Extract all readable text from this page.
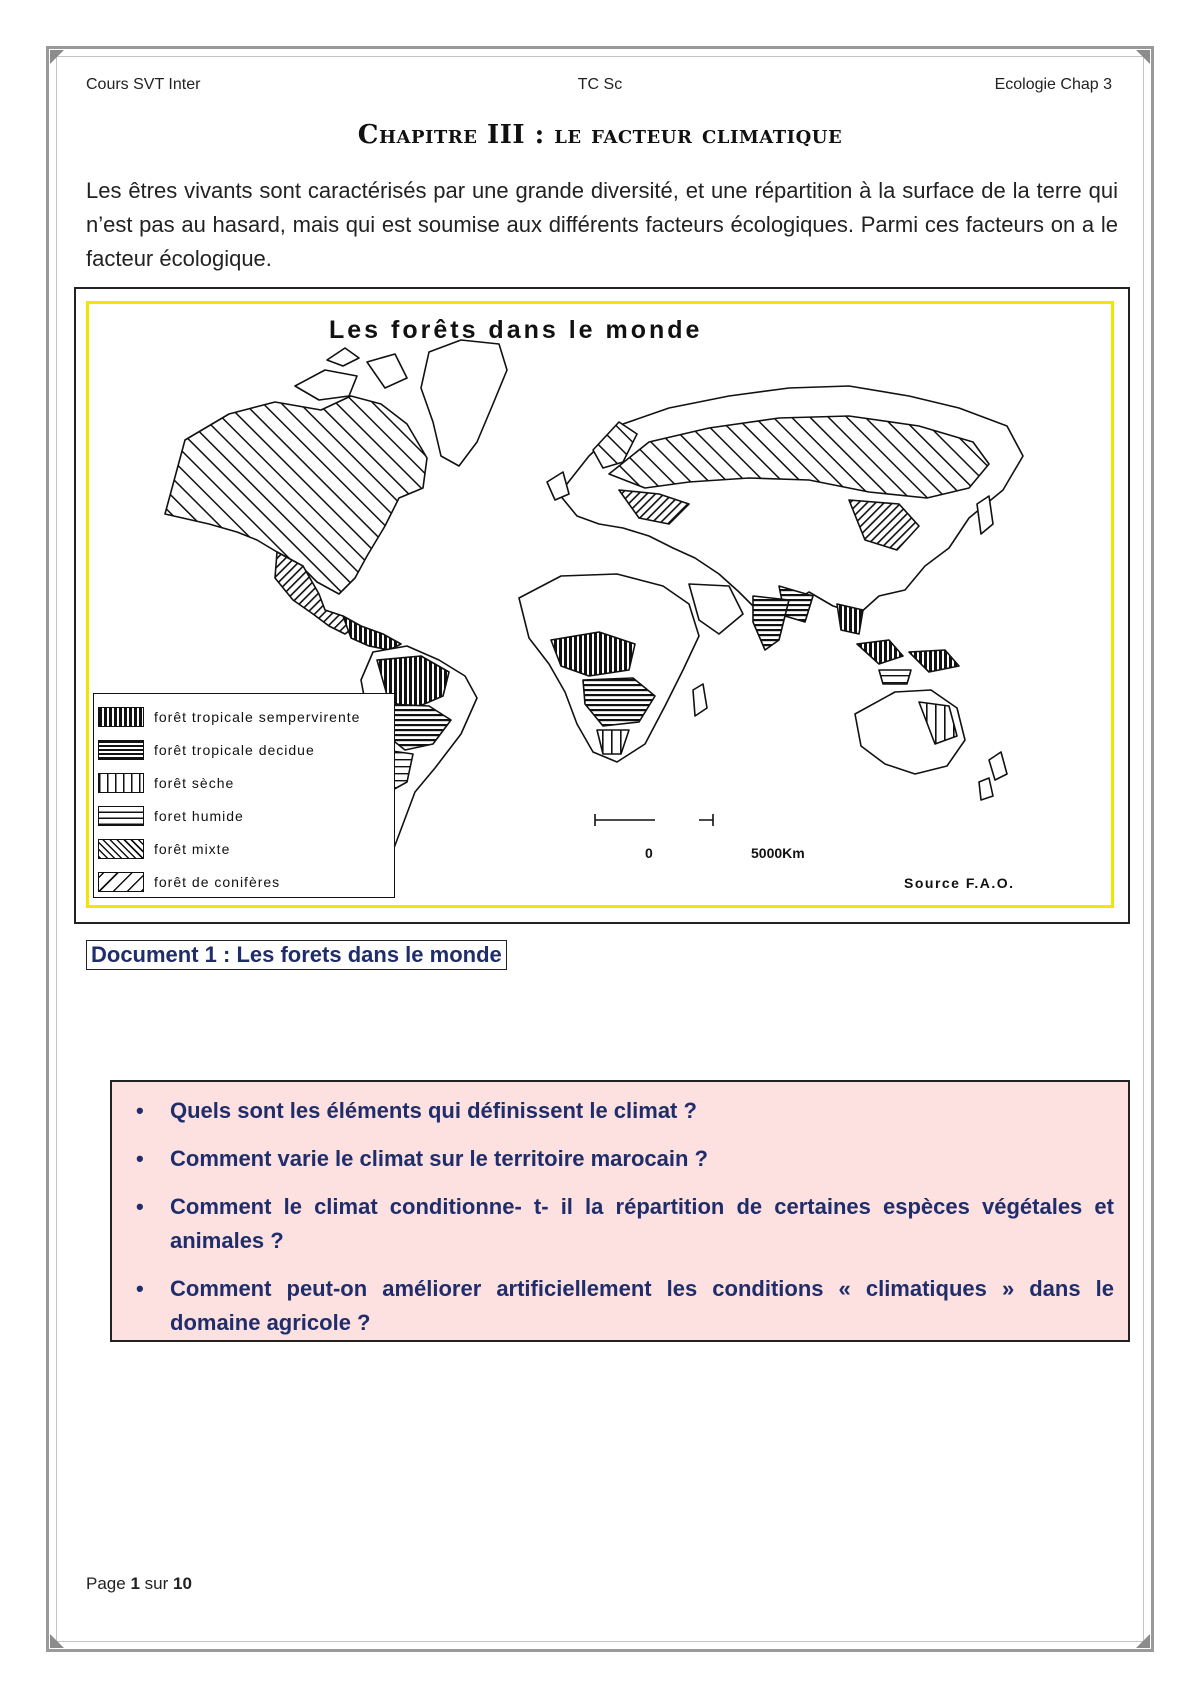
Cours SVT Inter	TC Sc	Ecologie Chap 3
Chapitre III : le facteur climatique
Les êtres vivants sont caractérisés par une grande diversité, et une répartition à la surface de la terre qui n’est pas au hasard, mais qui est soumise aux différents facteurs écologiques. Parmi ces facteurs on a le facteur écologique.
Les forêts dans le monde
forêt tropicale sempervirente
forêt tropicale decidue
forêt sèche
foret humide
forêt mixte
forêt de conifères
0	5000Km
Source F.A.O.
Document 1 : Les forets dans le monde
• Quels sont les éléments qui définissent le climat ?
• Comment varie le climat sur le territoire marocain ?
• Comment le climat conditionne- t- il la répartition de certaines espèces végétales et animales ?
• Comment peut-on améliorer artificiellement les conditions « climatiques » dans le domaine agricole ?
Page 1 sur 10
